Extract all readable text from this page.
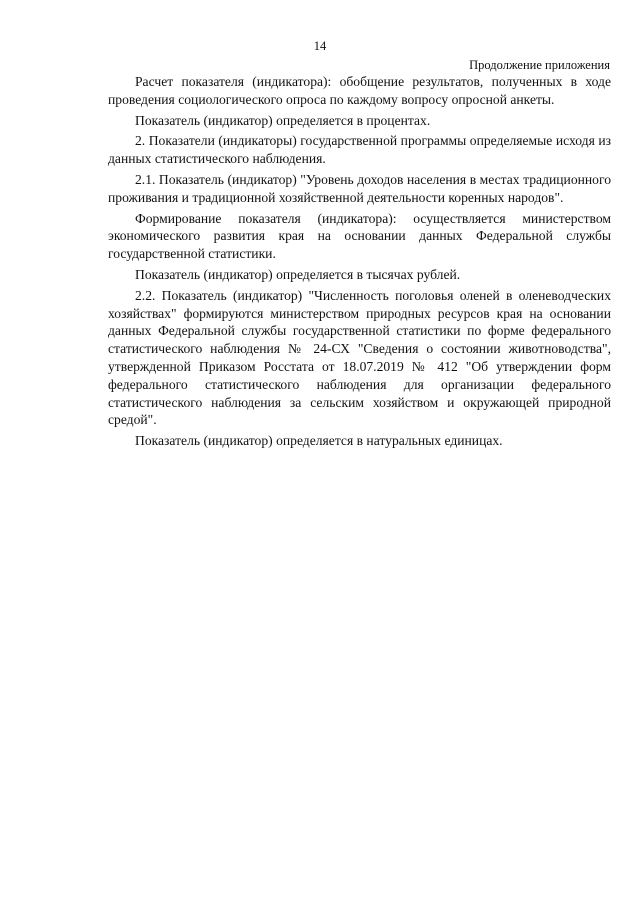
14
Продолжение приложения

Расчет показателя (индикатора): обобщение результатов, полученных в ходе проведения социологического опроса по каждому вопросу опросной анкеты.

Показатель (индикатор) определяется в процентах.

2. Показатели (индикаторы) государственной программы определяемые исходя из данных статистического наблюдения.

2.1. Показатель (индикатор) "Уровень доходов населения в местах традиционного проживания и традиционной хозяйственной деятельности коренных народов".

Формирование показателя (индикатора): осуществляется министерством экономического развития края на основании данных Федеральной службы государственной статистики.

Показатель (индикатор) определяется в тысячах рублей.

2.2. Показатель (индикатор) "Численность поголовья оленей в оленеводческих хозяйствах" формируются министерством природных ресурсов края на основании данных Федеральной службы государственной статистики по форме федерального статистического наблюдения № 24-СХ "Сведения о состоянии животноводства", утвержденной Приказом Росстата от 18.07.2019 № 412 "Об утверждении форм федерального статистического наблюдения для организации федерального статистического наблюдения за сельским хозяйством и окружающей природной средой".

Показатель (индикатор) определяется в натуральных единицах.
